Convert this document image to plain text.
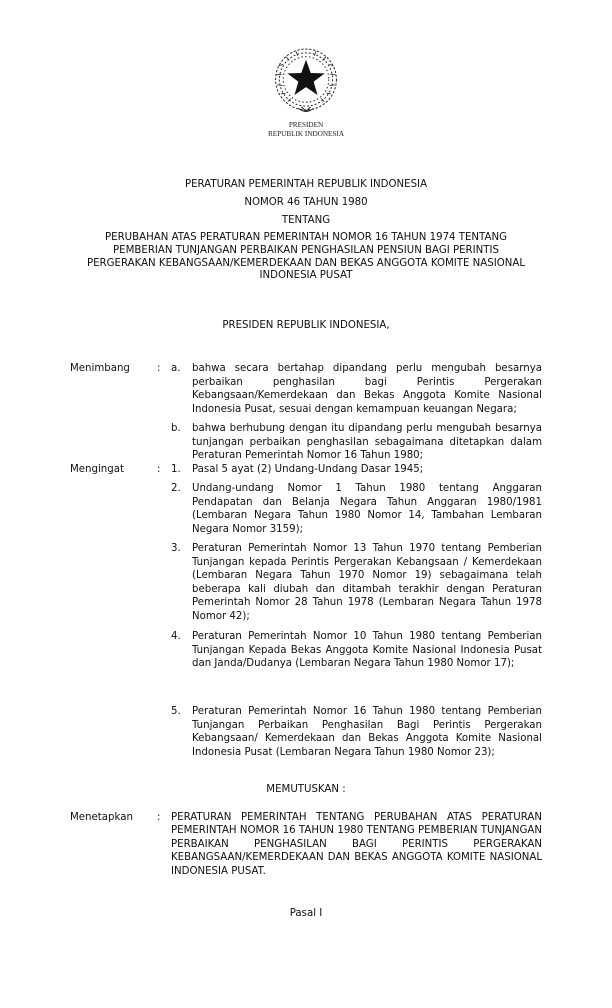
PRESIDEN
REPUBLIK INDONESIA
PERATURAN PEMERINTAH REPUBLIK INDONESIA
NOMOR 46 TAHUN 1980
TENTANG
PERUBAHAN ATAS PERATURAN PEMERINTAH NOMOR 16 TAHUN 1974 TENTANG
PEMBERIAN TUNJANGAN PERBAIKAN PENGHASILAN PENSIUN BAGI PERINTIS
PERGERAKAN KEBANGSAAN/KEMERDEKAAN DAN BEKAS ANGGOTA KOMITE NASIONAL
INDONESIA PUSAT
PRESIDEN REPUBLIK INDONESIA,
Menimbang	: a. bahwa secara bertahap dipandang perlu mengubah besarnya perbaikan penghasilan bagi Perintis Pergerakan Kebangsaan/Kemerdekaan dan Bekas Anggota Komite Nasional Indonesia Pusat, sesuai dengan kemampuan keuangan Negara;
b. bahwa berhubung dengan itu dipandang perlu mengubah besarnya tunjangan perbaikan penghasilan sebagaimana ditetapkan dalam Peraturan Pemerintah Nomor 16 Tahun 1980;
Mengingat	: 1. Pasal 5 ayat (2) Undang-Undang Dasar 1945;
2. Undang-undang Nomor 1 Tahun 1980 tentang Anggaran Pendapatan dan Belanja Negara Tahun Anggaran 1980/1981 (Lembaran Negara Tahun 1980 Nomor 14, Tambahan Lembaran Negara Nomor 3159);
3. Peraturan Pemerintah Nomor 13 Tahun 1970 tentang Pemberian Tunjangan kepada Perintis Pergerakan Kebangsaan / Kemerdekaan (Lembaran Negara Tahun 1970 Nomor 19) sebagaimana telah beberapa kali diubah dan ditambah terakhir dengan Peraturan Pemerintah Nomor 28 Tahun 1978 (Lembaran Negara Tahun 1978 Nomor 42);
4. Peraturan Pemerintah Nomor 10 Tahun 1980 tentang Pemberian Tunjangan Kepada Bekas Anggota Komite Nasional Indonesia Pusat dan Janda/Dudanya (Lembaran Negara Tahun 1980 Nomor 17);
5. Peraturan Pemerintah Nomor 16 Tahun 1980 tentang Pemberian Tunjangan Perbaikan Penghasilan Bagi Perintis Pergerakan Kebangsaan/ Kemerdekaan dan Bekas Anggota Komite Nasional Indonesia Pusat (Lembaran Negara Tahun 1980 Nomor 23);
MEMUTUSKAN :
Menetapkan : PERATURAN PEMERINTAH TENTANG PERUBAHAN ATAS PERATURAN PEMERINTAH NOMOR 16 TAHUN 1980 TENTANG PEMBERIAN TUNJANGAN PERBAIKAN PENGHASILAN BAGI PERINTIS PERGERAKAN KEBANGSAAN/KEMERDEKAAN DAN BEKAS ANGGOTA KOMITE NASIONAL INDONESIA PUSAT.
Pasal I
